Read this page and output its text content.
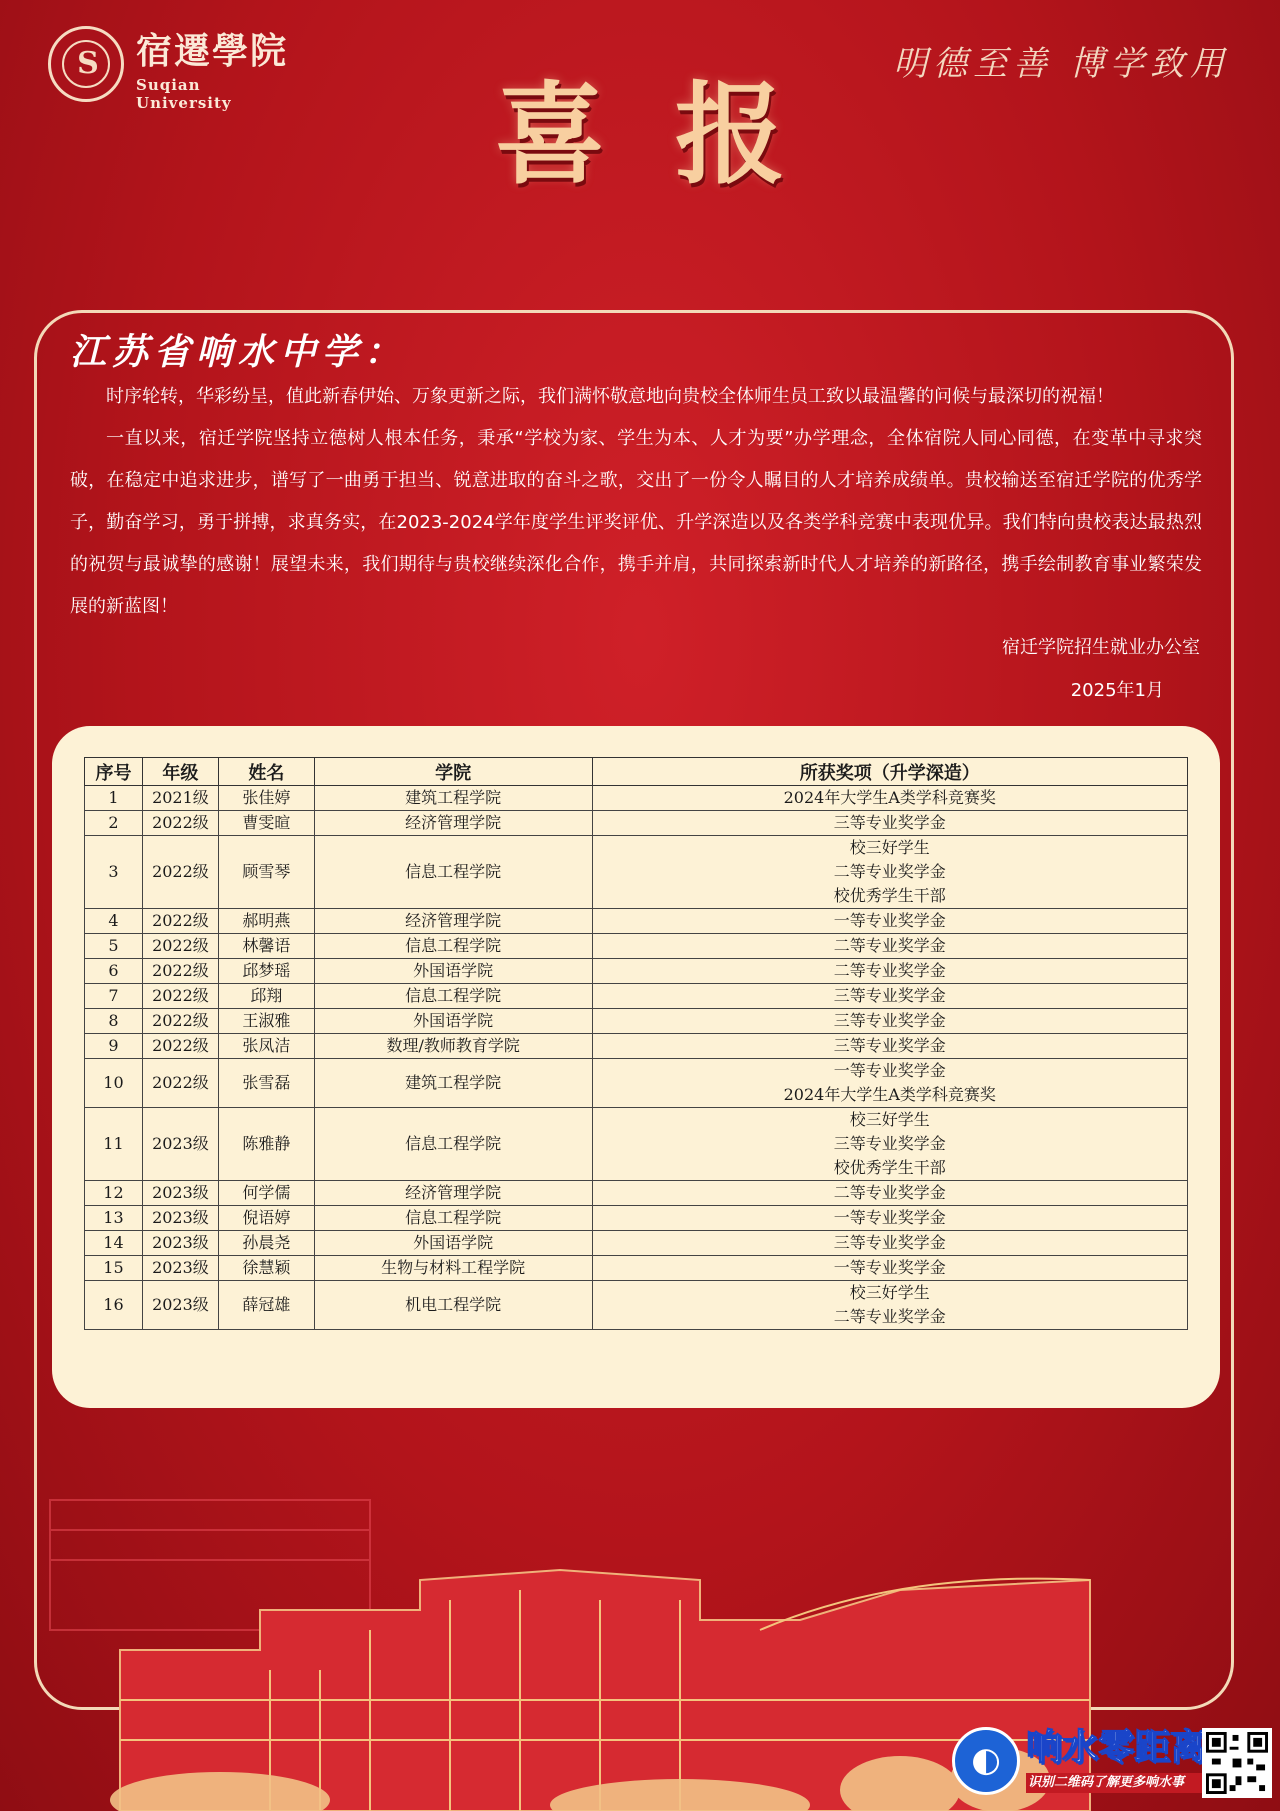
S	宿遷學院
Suqian University
明德至善 博学致用
喜报
江苏省响水中学：

时序轮转，华彩纷呈，值此新春伊始、万象更新之际，我们满怀敬意地向贵校全体师生员工致以最温馨的问候与最深切的祝福！

一直以来，宿迁学院坚持立德树人根本任务，秉承“学校为家、学生为本、人才为要”办学理念，全体宿院人同心同德，在变革中寻求突破，在稳定中追求进步，谱写了一曲勇于担当、锐意进取的奋斗之歌，交出了一份令人瞩目的人才培养成绩单。贵校输送至宿迁学院的优秀学子，勤奋学习，勇于拼搏，求真务实，在2023-2024学年度学生评奖评优、升学深造以及各类学科竞赛中表现优异。我们特向贵校表达最热烈的祝贺与最诚挚的感谢！展望未来，我们期待与贵校继续深化合作，携手并肩，共同探索新时代人才培养的新路径，携手绘制教育事业繁荣发展的新蓝图！

宿迁学院招生就业办公室
2025年1月
序号	年级	姓名	学院	所获奖项（升学深造）
1	2021级	张佳婷	建筑工程学院	2024年大学生A类学科竞赛奖

2	2022级	曹雯暄	经济管理学院	三等专业奖学金

3	2022级	顾雪琴	信息工程学院	校三好学生
二等专业奖学金
校优秀学生干部

4	2022级	郝明燕	经济管理学院	一等专业奖学金

5	2022级	林馨语	信息工程学院	二等专业奖学金

6	2022级	邱梦瑶	外国语学院	二等专业奖学金

7	2022级	邱翔	信息工程学院	三等专业奖学金

8	2022级	王淑雅	外国语学院	三等专业奖学金

9	2022级	张凤洁	数理/教师教育学院	三等专业奖学金

10	2022级	张雪磊	建筑工程学院	一等专业奖学金
2024年大学生A类学科竞赛奖

11	2023级	陈雅静	信息工程学院	校三好学生
三等专业奖学金
校优秀学生干部

12	2023级	何学儒	经济管理学院	二等专业奖学金

13	2023级	倪语婷	信息工程学院	一等专业奖学金

14	2023级	孙晨尧	外国语学院	三等专业奖学金

15	2023级	徐慧颖	生物与材料工程学院	一等专业奖学金

16	2023级	薛冠雄	机电工程学院	校三好学生
二等专业奖学金
◐ 响水零距离
识别二维码了解更多响水事
